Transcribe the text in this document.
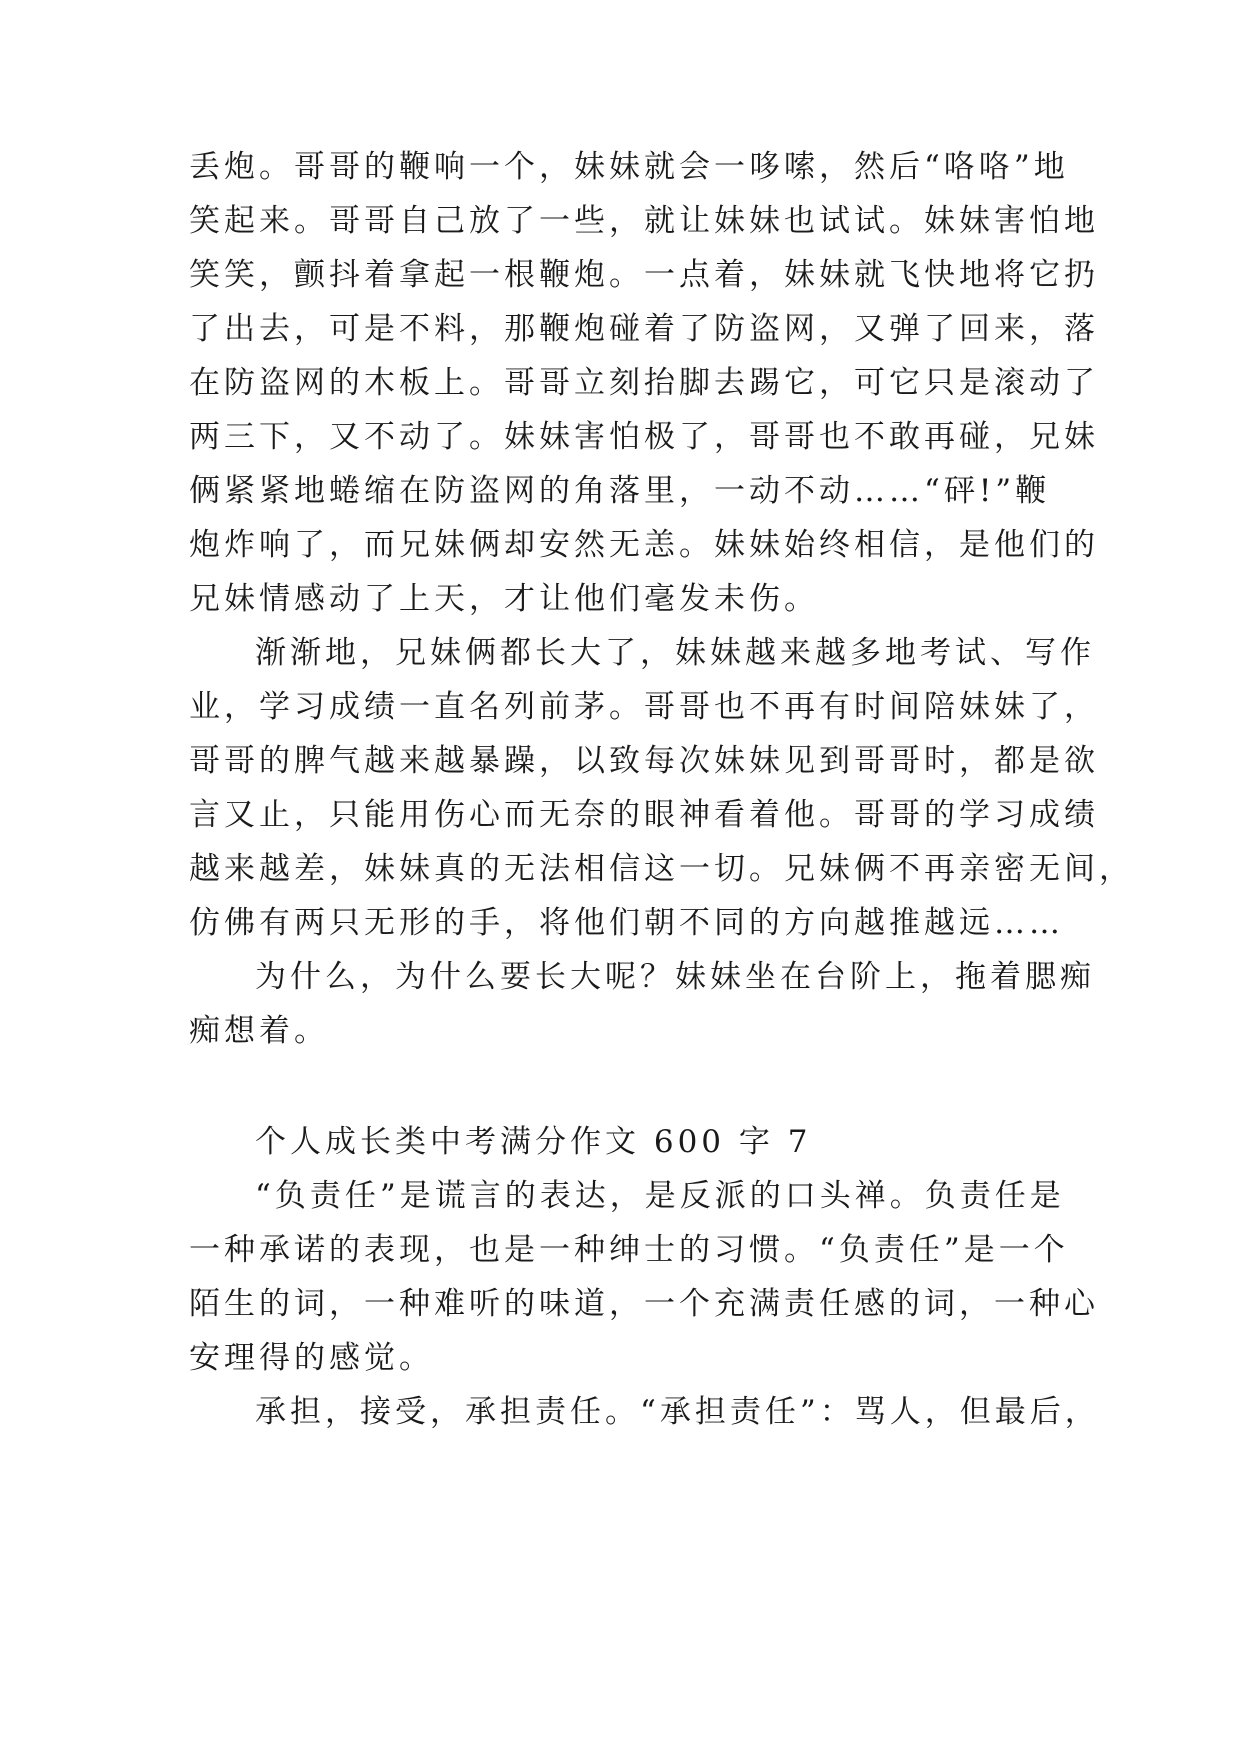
丢炮。哥哥的鞭响一个，妹妹就会一哆嗦，然后“咯咯”地
笑起来。哥哥自己放了一些，就让妹妹也试试。妹妹害怕地
笑笑，颤抖着拿起一根鞭炮。一点着，妹妹就飞快地将它扔
了出去，可是不料，那鞭炮碰着了防盗网，又弹了回来，落
在防盗网的木板上。哥哥立刻抬脚去踢它，可它只是滚动了
两三下，又不动了。妹妹害怕极了，哥哥也不敢再碰，兄妹
俩紧紧地蜷缩在防盗网的角落里，一动不动……“砰!”鞭
炮炸响了，而兄妹俩却安然无恙。妹妹始终相信，是他们的
兄妹情感动了上天，才让他们毫发未伤。
渐渐地，兄妹俩都长大了，妹妹越来越多地考试、写作
业，学习成绩一直名列前茅。哥哥也不再有时间陪妹妹了，
哥哥的脾气越来越暴躁，以致每次妹妹见到哥哥时，都是欲
言又止，只能用伤心而无奈的眼神看着他。哥哥的学习成绩
越来越差，妹妹真的无法相信这一切。兄妹俩不再亲密无间，
仿佛有两只无形的手，将他们朝不同的方向越推越远……
为什么，为什么要长大呢？妹妹坐在台阶上，拖着腮痴
痴想着。
个人成长类中考满分作文 600 字 7
“负责任”是谎言的表达，是反派的口头禅。负责任是
一种承诺的表现，也是一种绅士的习惯。“负责任”是一个
陌生的词，一种难听的味道，一个充满责任感的词，一种心
安理得的感觉。
承担，接受，承担责任。“承担责任”：骂人，但最后，
